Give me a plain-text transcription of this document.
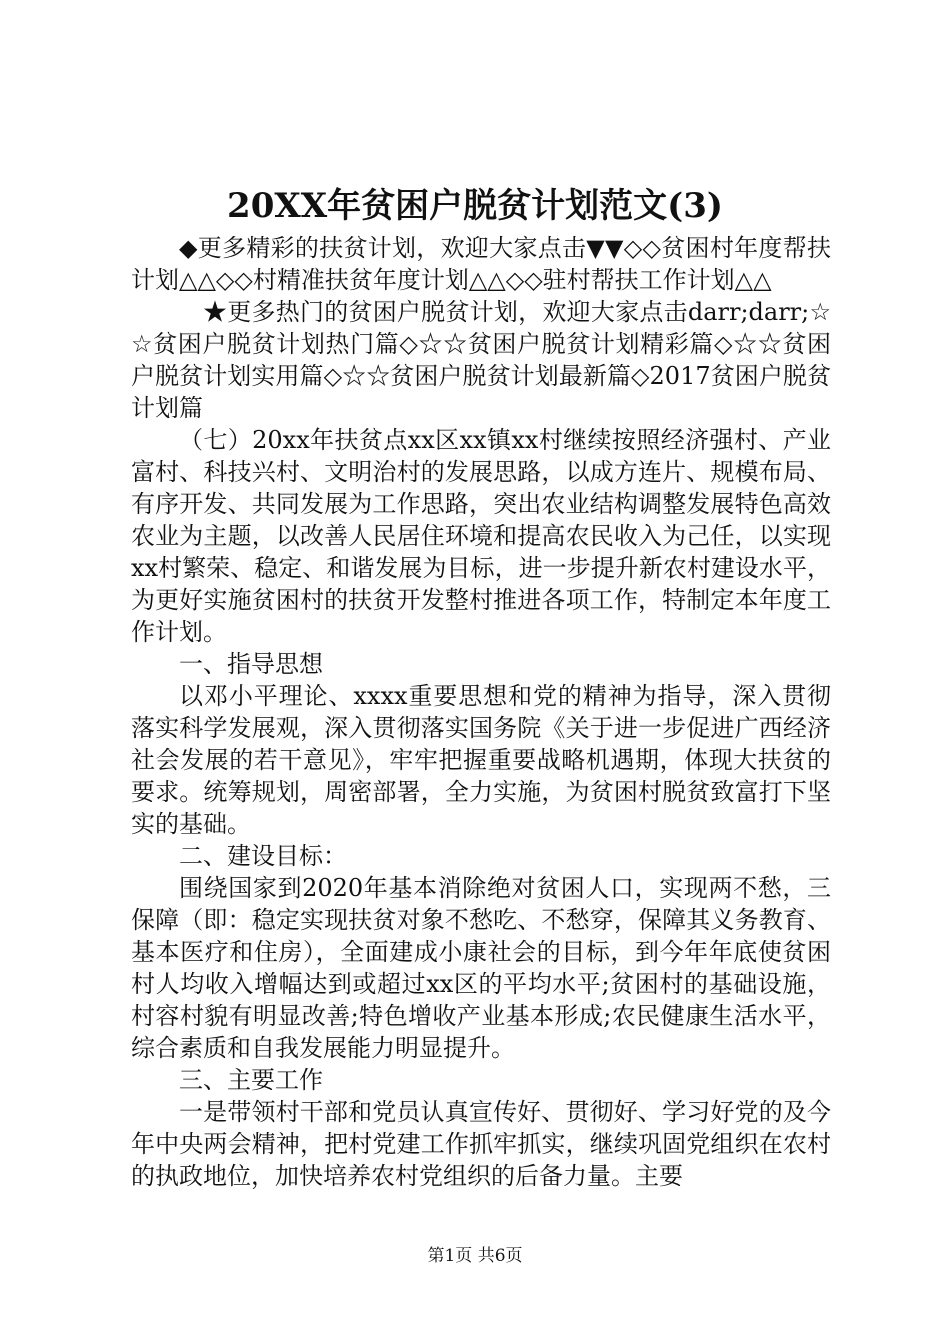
20XX年贫困户脱贫计划范文(3)

◆更多精彩的扶贫计划，欢迎大家点击▼▼◇◇贫困村年度帮扶计划△△◇◇村精准扶贫年度计划△△◇◇驻村帮扶工作计划△△

★更多热门的贫困户脱贫计划，欢迎大家点击darr;darr;☆☆贫困户脱贫计划热门篇◇☆☆贫困户脱贫计划精彩篇◇☆☆贫困户脱贫计划实用篇◇☆☆贫困户脱贫计划最新篇◇2017贫困户脱贫计划篇

（七）20xx年扶贫点xx区xx镇xx村继续按照经济强村、产业富村、科技兴村、文明治村的发展思路，以成方连片、规模布局、有序开发、共同发展为工作思路，突出农业结构调整发展特色高效农业为主题，以改善人民居住环境和提高农民收入为己任，以实现xx村繁荣、稳定、和谐发展为目标，进一步提升新农村建设水平，为更好实施贫困村的扶贫开发整村推进各项工作，特制定本年度工作计划。

一、指导思想

以邓小平理论、xxxx重要思想和党的精神为指导，深入贯彻落实科学发展观，深入贯彻落实国务院《关于进一步促进广西经济社会发展的若干意见》，牢牢把握重要战略机遇期，体现大扶贫的要求。统筹规划，周密部署，全力实施，为贫困村脱贫致富打下坚实的基础。

二、建设目标：

围绕国家到2020年基本消除绝对贫困人口，实现两不愁，三保障（即：稳定实现扶贫对象不愁吃、不愁穿，保障其义务教育、基本医疗和住房），全面建成小康社会的目标，到今年年底使贫困村人均收入增幅达到或超过xx区的平均水平;贫困村的基础设施，村容村貌有明显改善;特色增收产业基本形成;农民健康生活水平，综合素质和自我发展能力明显提升。

三、主要工作

一是带领村干部和党员认真宣传好、贯彻好、学习好党的及今年中央两会精神，把村党建工作抓牢抓实，继续巩固党组织在农村的执政地位，加快培养农村党组织的后备力量。主要

第1页 共6页
